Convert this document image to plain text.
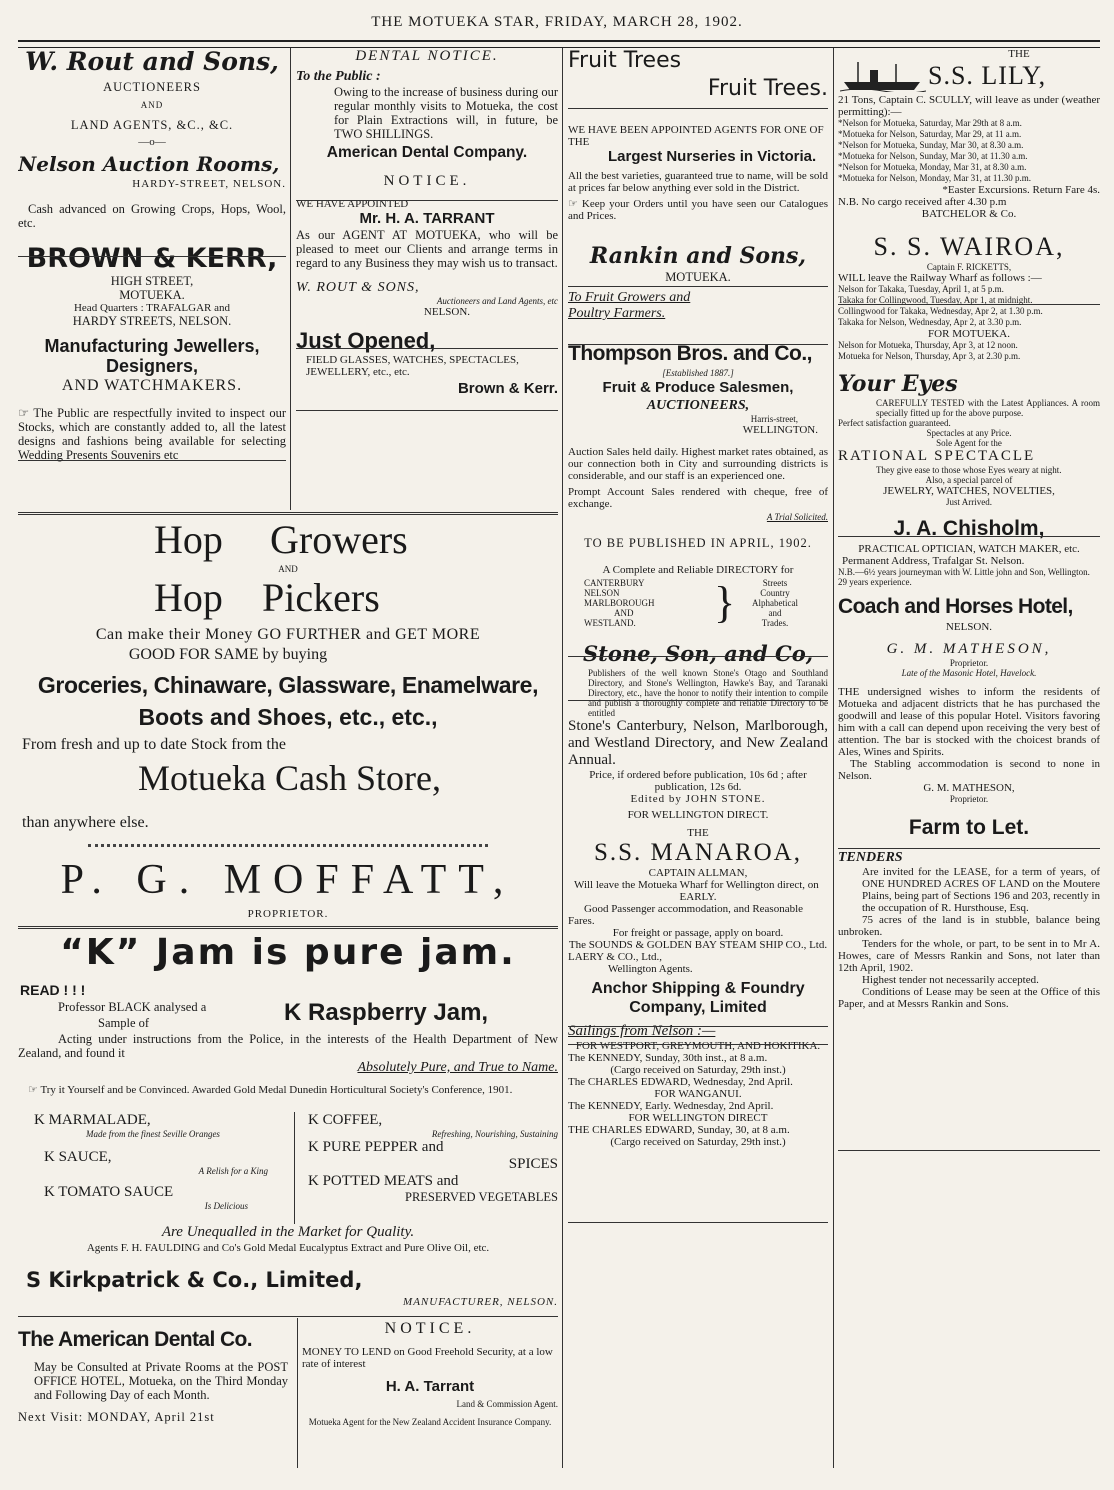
THE MOTUEKA STAR, FRIDAY, MARCH 28, 1902.
W. Rout and Sons,
AUCTIONEERS
AND
LAND AGENTS, &C., &C.
—o—
Nelson Auction Rooms,
HARDY-STREET, NELSON.
Cash advanced on Growing Crops, Hops, Wool, etc.
BROWN & KERR,
HIGH STREET,
MOTUEKA.
Head Quarters : TRAFALGAR and
HARDY STREETS, NELSON.
Manufacturing Jewellers,
Designers,
AND WATCHMAKERS.
☞ The Public are respectfully invited to inspect our Stocks, which are constantly added to, all the latest designs and fashions being available for selecting Wedding Presents Souvenirs etc
DENTAL NOTICE.
To the Public :
Owing to the increase of business during our regular monthly visits to Motueka, the cost for Plain Extractions will, in future, be TWO SHILLINGS.
American Dental Company.
NOTICE.
WE HAVE APPOINTED
Mr. H. A. TARRANT
As our AGENT AT MOTUEKA, who will be pleased to meet our Clients and arrange terms in regard to any Business they may wish us to transact.
W. ROUT & SONS,
Auctioneers and Land Agents, etc
NELSON.
Just Opened,
FIELD GLASSES, WATCHES, SPECTACLES, JEWELLERY, etc., etc.
Brown & Kerr.
Hop Growers
AND
Hop Pickers
Can make their Money GO FURTHER and GET MORE
GOOD FOR SAME by buying
Groceries, Chinaware, Glassware, Enamelware,
Boots and Shoes, etc., etc.,
From fresh and up to date Stock from the
Motueka Cash Store,
than anywhere else.
P. G. MOFFATT,
PROPRIETOR.
“K” Jam is pure jam.
READ ! ! !
Professor BLACK analysed a
Sample of	K Raspberry Jam,
Acting under instructions from the Police, in the interests of the Health Department of New Zealand, and found it
Absolutely Pure, and True to Name.
☞ Try it Yourself and be Convinced. Awarded Gold Medal Dunedin Horticultural Society's Conference, 1901.
K MARMALADE,
Made from the finest Seville Oranges
K SAUCE,
A Relish for a King
K TOMATO SAUCE
Is Delicious
K COFFEE,
Refreshing, Nourishing, Sustaining
K PURE PEPPER and
SPICES
K POTTED MEATS and
PRESERVED VEGETABLES
Are Unequalled in the Market for Quality.
Agents F. H. FAULDING and Co's Gold Medal Eucalyptus Extract and Pure Olive Oil, etc.
S Kirkpatrick & Co., Limited,
MANUFACTURER, NELSON.
The American Dental Co.
May be Consulted at Private Rooms at the POST OFFICE HOTEL, Motueka, on the Third Monday and Following Day of each Month.
Next Visit: MONDAY, April 21st
NOTICE.
MONEY TO LEND on Good Freehold Security, at a low rate of interest
H. A. Tarrant
Land & Commission Agent.
Motueka Agent for the New Zealand Accident Insurance Company.
Fruit Trees
Fruit Trees.
WE HAVE BEEN APPOINTED AGENTS FOR ONE OF THE
Largest Nurseries in Victoria.
All the best varieties, guaranteed true to name, will be sold at prices far below anything ever sold in the District.
☞ Keep your Orders until you have seen our Catalogues and Prices.
Rankin and Sons,
MOTUEKA.
To Fruit Growers and
Poultry Farmers.
Thompson Bros. and Co.,
[Established 1887.]
Fruit & Produce Salesmen,
AUCTIONEERS,
Harris-street,
WELLINGTON.
Auction Sales held daily. Highest market rates obtained, as our connection both in City and surrounding districts is considerable, and our staff is an experienced one.
Prompt Account Sales rendered with cheque, free of exchange.
A Trial Solicited.
TO BE PUBLISHED IN APRIL, 1902.
A Complete and Reliable DIRECTORY for
CANTERBURY
NELSON
MARLBOROUGH
AND
WESTLAND.	}	Streets
Country
Alphabetical
and
Trades.
Stone, Son, and Co,
Publishers of the well known Stone's Otago and Southland Directory, and Stone's Wellington, Hawke's Bay, and Taranaki Directory, etc., have the honor to notify their intention to compile and publish a thoroughly complete and reliable Directory to be entitled
Stone's Canterbury, Nelson, Marlborough, and Westland Directory, and New Zealand Annual.
Price, if ordered before publication, 10s 6d ; after publication, 12s 6d.
Edited by JOHN STONE.
FOR WELLINGTON DIRECT.
THE
S.S. MANAROA,
CAPTAIN ALLMAN,
Will leave the Motueka Wharf for Wellington direct, on
EARLY.
Good Passenger accommodation, and Reasonable Fares.
For freight or passage, apply on board.
The SOUNDS & GOLDEN BAY STEAM SHIP CO., Ltd.
LAERY & CO., Ltd.,
Wellington Agents.
Anchor Shipping & Foundry Company, Limited
Sailings from Nelson :—
FOR WESTPORT, GREYMOUTH, AND HOKITIKA.
The KENNEDY, Sunday, 30th inst., at 8 a.m.
(Cargo received on Saturday, 29th inst.)
The CHARLES EDWARD, Wednesday, 2nd April.
FOR WANGANUI.
The KENNEDY, Early. Wednesday, 2nd April.
FOR WELLINGTON DIRECT
THE CHARLES EDWARD, Sunday, 30, at 8 a.m.
(Cargo received on Saturday, 29th inst.)
THE
S.S. LILY,
21 Tons, Captain C. SCULLY, will leave as under (weather permitting):—
*Nelson for Motueka, Saturday, Mar 29th at 8 a.m.
*Motueka for Nelson, Saturday, Mar 29, at 11 a.m.
*Nelson for Motueka, Sunday, Mar 30, at 8.30 a.m.
*Motueka for Nelson, Sunday, Mar 30, at 11.30 a.m.
*Nelson for Motueka, Monday, Mar 31, at 8.30 a.m.
*Motueka for Nelson, Monday, Mar 31, at 11.30 p.m.
*Easter Excursions. Return Fare 4s.
N.B. No cargo received after 4.30 p.m
BATCHELOR & Co.
S. S. WAIROA,
Captain F. RICKETTS,
WILL leave the Railway Wharf as follows :—
Nelson for Takaka, Tuesday, April 1, at 5 p.m.
Takaka for Collingwood, Tuesday, Apr 1, at midnight.
Collingwood for Takaka, Wednesday, Apr 2, at 1.30 p.m.
Takaka for Nelson, Wednesday, Apr 2, at 3.30 p.m.
FOR MOTUEKA.
Nelson for Motueka, Thursday, Apr 3, at 12 noon.
Motueka for Nelson, Thursday, Apr 3, at 2.30 p.m.
Your Eyes
CAREFULLY TESTED with the Latest Appliances. A room specially fitted up for the above purpose.
Perfect satisfaction guaranteed.
Spectacles at any Price.
Sole Agent for the
RATIONAL SPECTACLE
They give ease to those whose Eyes weary at night.
Also, a special parcel of
JEWELRY, WATCHES, NOVELTIES,
Just Arrived.
J. A. Chisholm,
PRACTICAL OPTICIAN, WATCH MAKER, etc.
Permanent Address, Trafalgar St. Nelson.
N.B.—6½ years journeyman with W. Little john and Son, Wellington. 29 years experience.
Coach and Horses Hotel,
NELSON.
G. M. MATHESON,
Proprietor.
Late of the Masonic Hotel, Havelock.
THE undersigned wishes to inform the residents of Motueka and adjacent districts that he has purchased the goodwill and lease of this popular Hotel. Visitors favoring him with a call can depend upon receiving the very best of attention. The bar is stocked with the choicest brands of Ales, Wines and Spirits.
The Stabling accommodation is second to none in Nelson.
G. M. MATHESON,
Proprietor.
Farm to Let.
TENDERS
Are invited for the LEASE, for a term of years, of ONE HUNDRED ACRES OF LAND on the Moutere Plains, being part of Sections 196 and 203, recently in the occupation of R. Hursthouse, Esq.
75 acres of the land is in stubble, balance being unbroken.
Tenders for the whole, or part, to be sent in to Mr A. Howes, care of Messrs Rankin and Sons, not later than 12th April, 1902.
Highest tender not necessarily accepted.
Conditions of Lease may be seen at the Office of this Paper, and at Messrs Rankin and Sons.
